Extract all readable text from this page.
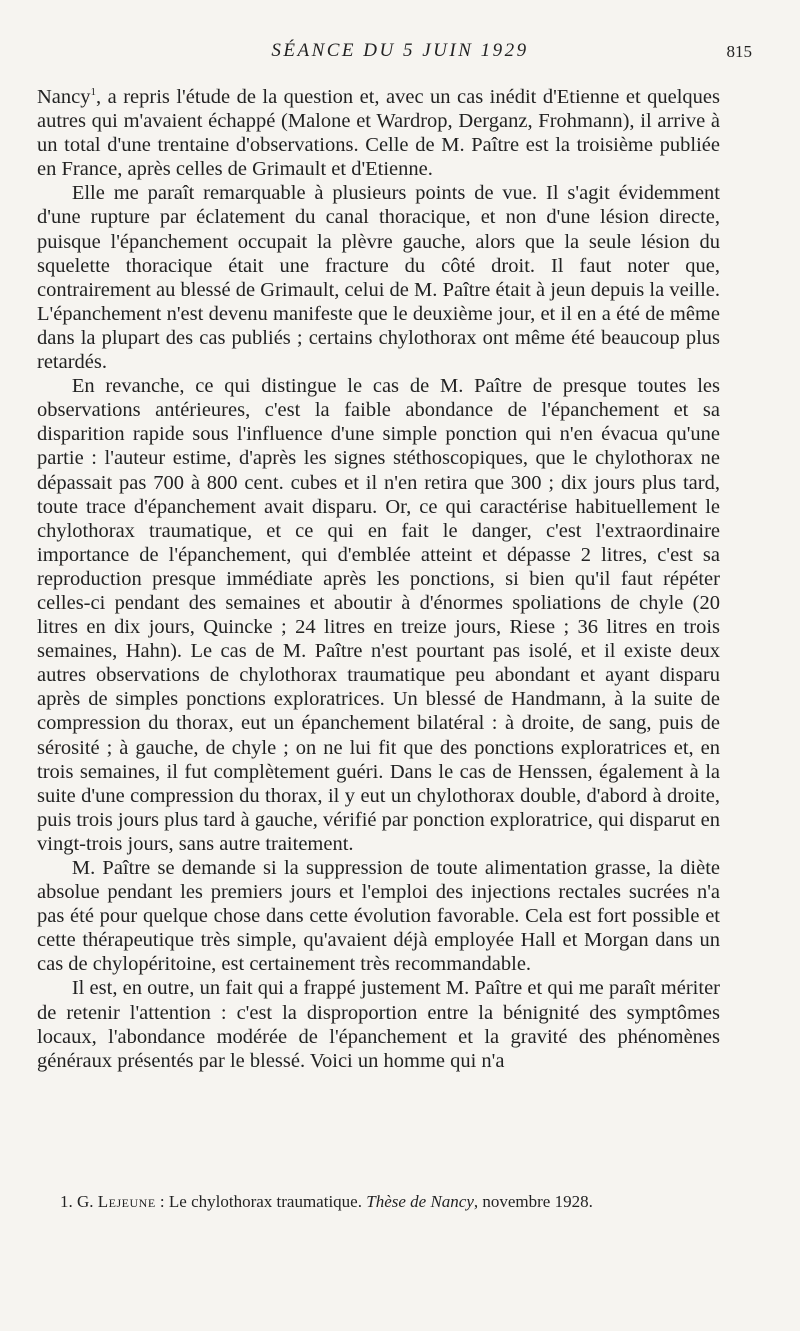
SÉANCE DU 5 JUIN 1929	815

Nancy$^1$, a repris l'étude de la question et, avec un cas inédit d'Etienne et quelques autres qui m'avaient échappé (Malone et Wardrop, Derganz, Frohmann), il arrive à un total d'une trentaine d'observations. Celle de M. Paître est la troisième publiée en France, après celles de Grimault et d'Etienne.

Elle me paraît remarquable à plusieurs points de vue. Il s'agit évidemment d'une rupture par éclatement du canal thoracique, et non d'une lésion directe, puisque l'épanchement occupait la plèvre gauche, alors que la seule lésion du squelette thoracique était une fracture du côté droit. Il faut noter que, contrairement au blessé de Grimault, celui de M. Paître était à jeun depuis la veille. L'épanchement n'est devenu manifeste que le deuxième jour, et il en a été de même dans la plupart des cas publiés ; certains chylothorax ont même été beaucoup plus retardés.

En revanche, ce qui distingue le cas de M. Paître de presque toutes les observations antérieures, c'est la faible abondance de l'épanchement et sa disparition rapide sous l'influence d'une simple ponction qui n'en évacua qu'une partie : l'auteur estime, d'après les signes stéthoscopiques, que le chylothorax ne dépassait pas 700 à 800 cent. cubes et il n'en retira que 300 ; dix jours plus tard, toute trace d'épanchement avait disparu. Or, ce qui caractérise habituellement le chylothorax traumatique, et ce qui en fait le danger, c'est l'extraordinaire importance de l'épanchement, qui d'emblée atteint et dépasse 2 litres, c'est sa reproduction presque immédiate après les ponctions, si bien qu'il faut répéter celles-ci pendant des semaines et aboutir à d'énormes spoliations de chyle (20 litres en dix jours, Quincke ; 24 litres en treize jours, Riese ; 36 litres en trois semaines, Hahn). Le cas de M. Paître n'est pourtant pas isolé, et il existe deux autres observations de chylothorax traumatique peu abondant et ayant disparu après de simples ponctions exploratrices. Un blessé de Handmann, à la suite de compression du thorax, eut un épanchement bilatéral : à droite, de sang, puis de sérosité ; à gauche, de chyle ; on ne lui fit que des ponctions exploratrices et, en trois semaines, il fut complètement guéri. Dans le cas de Henssen, également à la suite d'une compression du thorax, il y eut un chylothorax double, d'abord à droite, puis trois jours plus tard à gauche, vérifié par ponction exploratrice, qui disparut en vingt-trois jours, sans autre traitement.

M. Paître se demande si la suppression de toute alimentation grasse, la diète absolue pendant les premiers jours et l'emploi des injections rectales sucrées n'a pas été pour quelque chose dans cette évolution favorable. Cela est fort possible et cette thérapeutique très simple, qu'avaient déjà employée Hall et Morgan dans un cas de chylopéritoine, est certainement très recommandable.

Il est, en outre, un fait qui a frappé justement M. Paître et qui me paraît mériter de retenir l'attention : c'est la disproportion entre la bénignité des symptômes locaux, l'abondance modérée de l'épanchement et la gravité des phénomènes généraux présentés par le blessé. Voici un homme qui n'a

1. G. Lejeune : Le chylothorax traumatique. Thèse de Nancy, novembre 1928.
